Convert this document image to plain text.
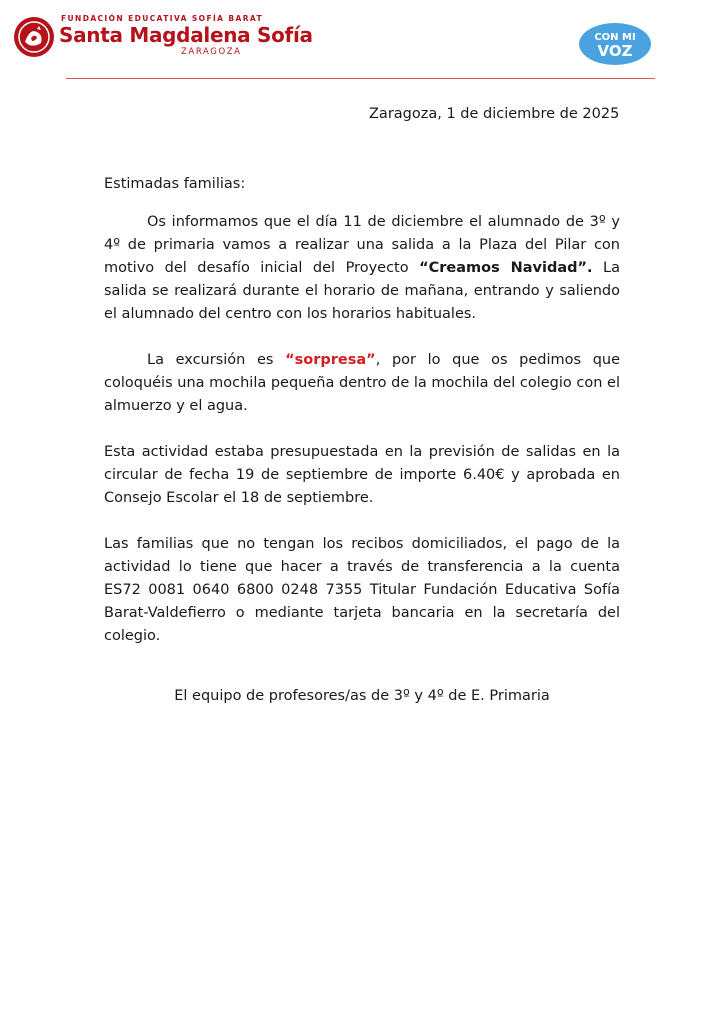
FUNDACIÓN EDUCATIVA SOFÍA BARAT
Santa Magdalena Sofía
ZARAGOZA
CON MI
VOZ
Zaragoza, 1 de diciembre de 2025
Estimadas familias:

Os informamos que el día 11 de diciembre el alumnado de 3º y 4º de primaria vamos a realizar una salida a la Plaza del Pilar con motivo del desafío inicial del Proyecto “Creamos Navidad”. La salida se realizará durante el horario de mañana, entrando y saliendo el alumnado del centro con los horarios habituales.

La excursión es “sorpresa”, por lo que os pedimos que coloquéis una mochila pequeña dentro de la mochila del colegio con el almuerzo y el agua.

Esta actividad estaba presupuestada en la previsión de salidas en la circular de fecha 19 de septiembre de importe 6.40€ y aprobada en Consejo Escolar el 18 de septiembre.

Las familias que no tengan los recibos domiciliados, el pago de la actividad lo tiene que hacer a través de transferencia a la cuenta ES72 0081 0640 6800 0248 7355 Titular Fundación Educativa Sofía Barat-Valdefierro o mediante tarjeta bancaria en la secretaría del colegio.

El equipo de profesores/as de 3º y 4º de E. Primaria
